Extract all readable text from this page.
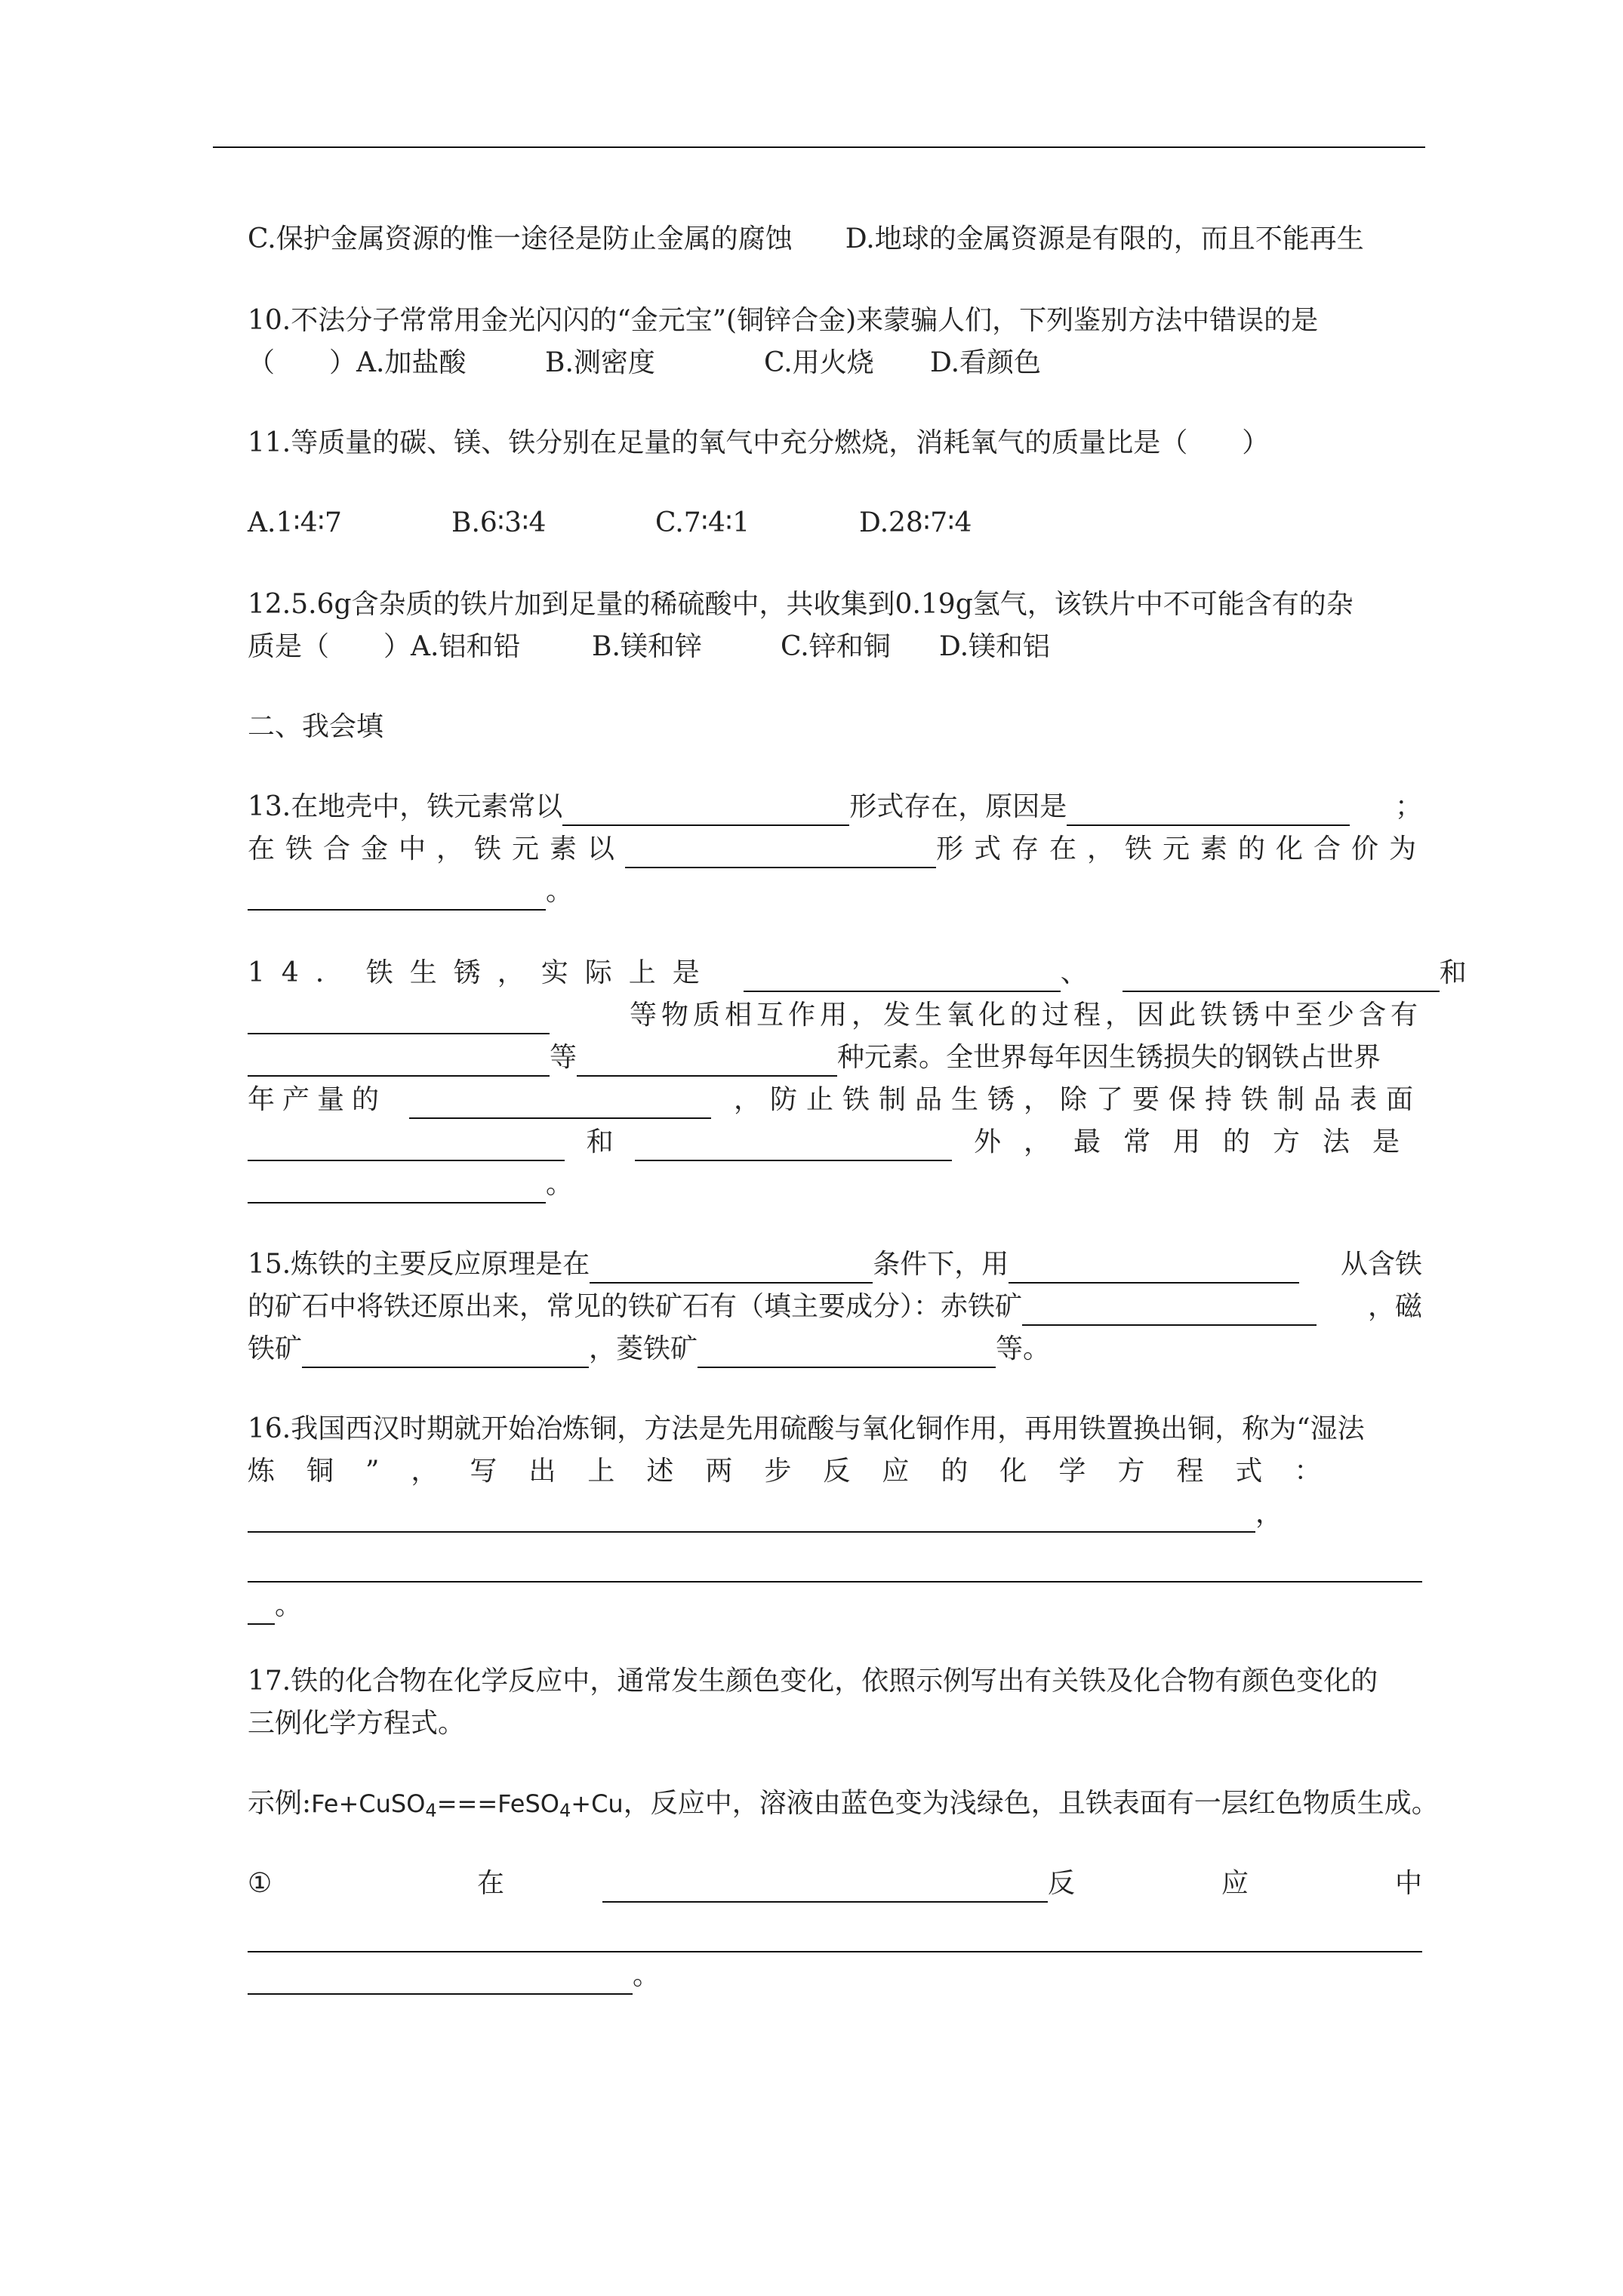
C.保护金属资源的惟一途径是防止金属的腐蚀 D.地球的金属资源是有限的，而且不能再生
10.不法分子常常用金光闪闪的“金元宝”(铜锌合金)来蒙骗人们，下列鉴别方法中错误的是
（　　） A.加盐酸	B.测密度	C.用火烧	D.看颜色
11.等质量的碳、镁、铁分别在足量的氧气中充分燃烧，消耗氧气的质量比是（　　）
A.1∶4∶7	B.6∶3∶4	C.7∶4∶1	D.28∶7∶4
12.5.6g含杂质的铁片加到足量的稀硫酸中，共收集到0.19g氢气，该铁片中不可能含有的杂
质是（　　） A.铝和铅	B.镁和锌	C.锌和铜	D.镁和铝
二、我会填
13.在地壳中，铁元素常以	形式存在，原因是	；
在铁合金中，铁元素以	形式存在，铁元素的化合价为
。
14. 铁生锈，实际上是	、	和
等物质相互作用，发生氧化的过程，因此铁锈中至少含有
等	种元素。全世界每年因生锈损失的钢铁占世界
年产量的	，防止铁制品生锈，除了要保持铁制品表面
和	外，最常用的方法是
。
15.炼铁的主要反应原理是在	条件下，用	从含铁
的矿石中将铁还原出来，常见的铁矿石有（填主要成分）：赤铁矿	，磁
铁矿	，菱铁矿	等。
16.我国西汉时期就开始冶炼铜，方法是先用硫酸与氧化铜作用，再用铁置换出铜，称为“湿法
炼铜”，写出上述两步反应的化学方程式：
，
。
17.铁的化合物在化学反应中，通常发生颜色变化，依照示例写出有关铁及化合物有颜色变化的
三例化学方程式。
示例: Fe+CuSO$_4$===FeSO$_4$+Cu ，反应中，溶液由蓝色变为浅绿色，且铁表面有一层红色物质生成。
①	在	反	应	中
。
